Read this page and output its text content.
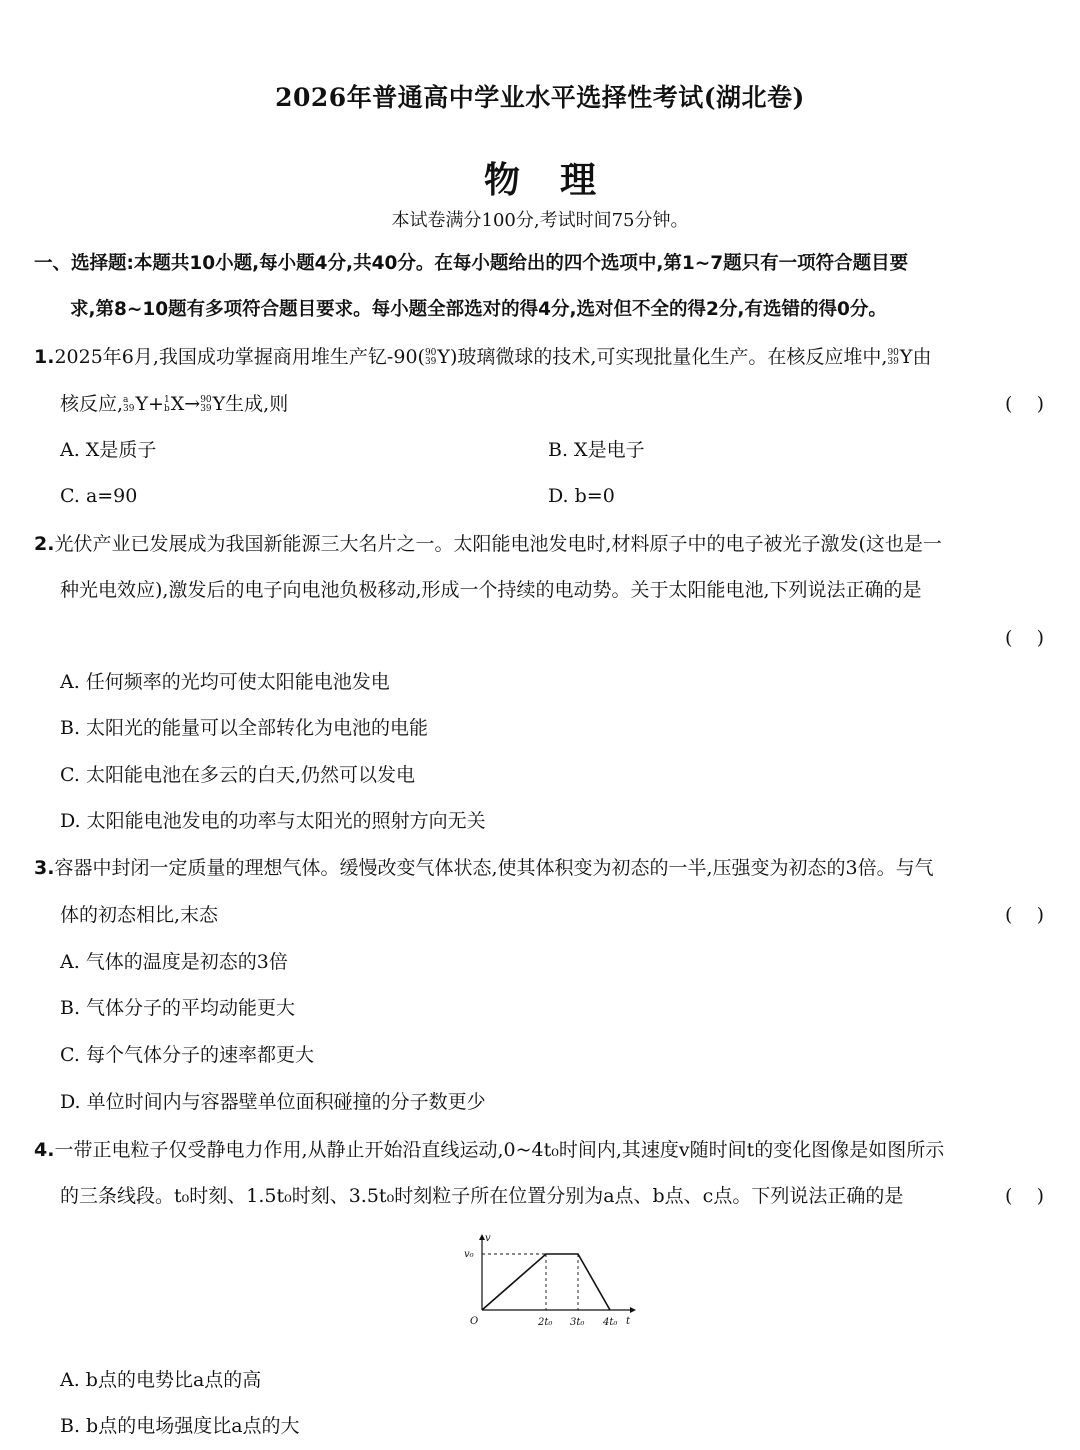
2026年普通高中学业水平选择性考试(湖北卷)
物理
本试卷满分100分,考试时间75分钟。
一、选择题:本题共10小题,每小题4分,共40分。在每小题给出的四个选项中,第1~7题只有一项符合题目要
求,第8~10题有多项符合题目要求。每小题全部选对的得4分,选对但不全的得2分,有选错的得0分。
1.2025年6月,我国成功掌握商用堆生产钇-90( 90
39 Y)玻璃微球的技术,可实现批量化生产。在核反应堆中, 90
39 Y由
核反应, a
39 Y+ 1
b X→ 90
39 Y生成,则	(    )
A. X是质子	B. X是电子
C. a=90	D. b=0
2.光伏产业已发展成为我国新能源三大名片之一。太阳能电池发电时,材料原子中的电子被光子激发(这也是一
种光电效应),激发后的电子向电池负极移动,形成一个持续的电动势。关于太阳能电池,下列说法正确的是
(    )
A. 任何频率的光均可使太阳能电池发电
B. 太阳光的能量可以全部转化为电池的电能
C. 太阳能电池在多云的白天,仍然可以发电
D. 太阳能电池发电的功率与太阳光的照射方向无关
3.容器中封闭一定质量的理想气体。缓慢改变气体状态,使其体积变为初态的一半,压强变为初态的3倍。与气
体的初态相比,末态	(    )
A. 气体的温度是初态的3倍
B. 气体分子的平均动能更大
C. 每个气体分子的速率都更大
D. 单位时间内与容器壁单位面积碰撞的分子数更少
4.一带正电粒子仅受静电力作用,从静止开始沿直线运动,0~4t₀时间内,其速度v随时间t的变化图像是如图所示
的三条线段。t₀时刻、1.5t₀时刻、3.5t₀时刻粒子所在位置分别为a点、b点、c点。下列说法正确的是	(    )
v
t
v₀
O	2t₀ 3t₀ 4t₀
A. b点的电势比a点的高
B. b点的电场强度比a点的大
